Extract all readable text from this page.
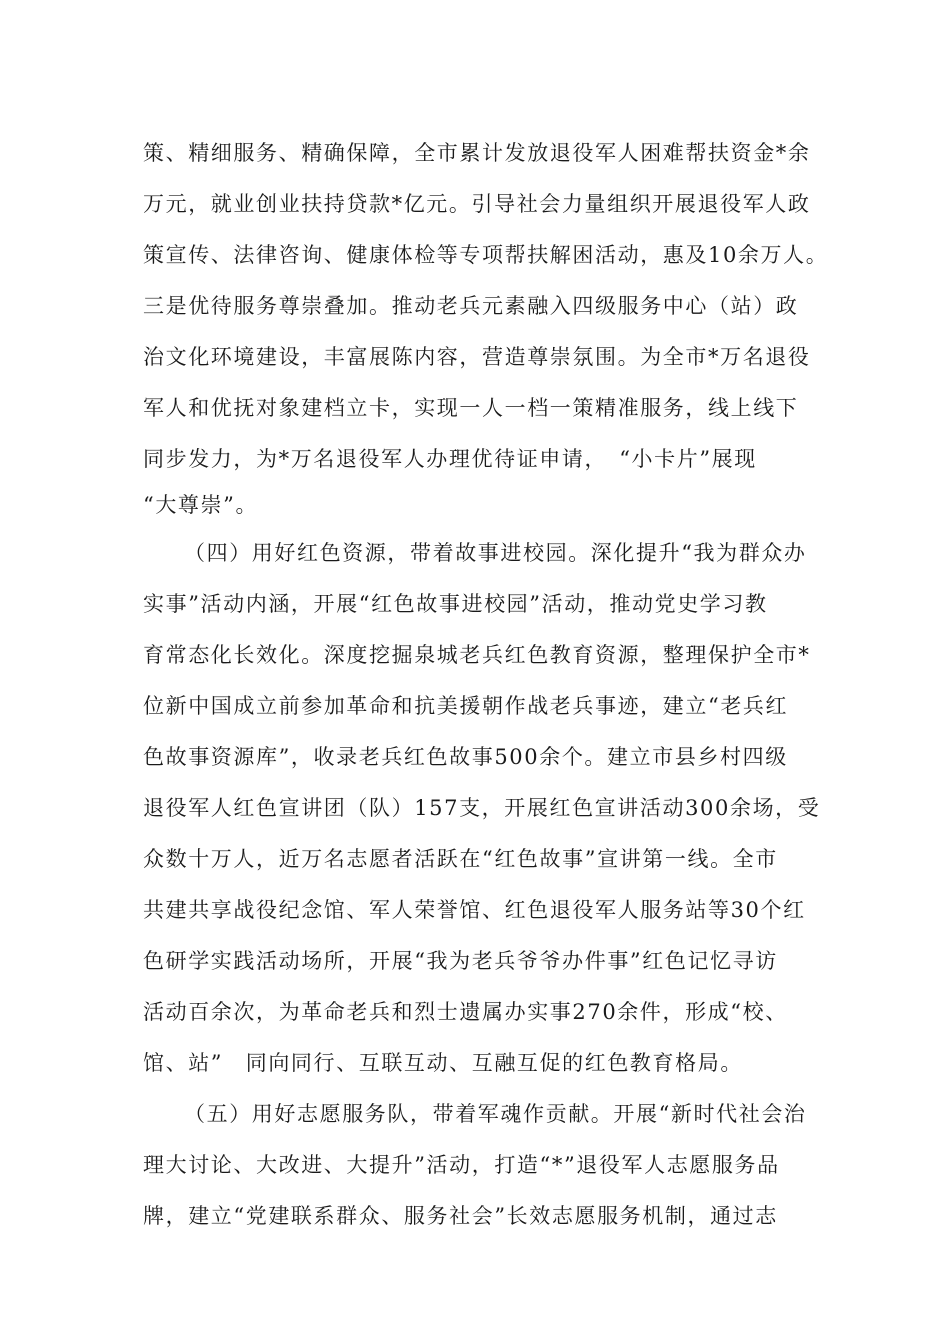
策、精细服务、精确保障，全市累计发放退役军人困难帮扶资金*余
万元，就业创业扶持贷款*亿元。引导社会力量组织开展退役军人政
策宣传、法律咨询、健康体检等专项帮扶解困活动，惠及10余万人。
三是优待服务尊崇叠加。推动老兵元素融入四级服务中心（站）政
治文化环境建设，丰富展陈内容，营造尊崇氛围。为全市*万名退役
军人和优抚对象建档立卡，实现一人一档一策精准服务，线上线下
同步发力，为*万名退役军人办理优待证申请，　“小卡片”展现
“大尊崇”。
（四）用好红色资源，带着故事进校园。深化提升“我为群众办
实事”活动内涵，开展“红色故事进校园”活动，推动党史学习教
育常态化长效化。深度挖掘泉城老兵红色教育资源，整理保护全市*
位新中国成立前参加革命和抗美援朝作战老兵事迹，建立“老兵红
色故事资源库”，收录老兵红色故事500余个。建立市县乡村四级
退役军人红色宣讲团（队）157支，开展红色宣讲活动300余场，受
众数十万人，近万名志愿者活跃在“红色故事”宣讲第一线。全市
共建共享战役纪念馆、军人荣誉馆、红色退役军人服务站等30个红
色研学实践活动场所，开展“我为老兵爷爷办件事”红色记忆寻访
活动百余次，为革命老兵和烈士遗属办实事270余件，形成“校、
馆、站”　同向同行、互联互动、互融互促的红色教育格局。
（五）用好志愿服务队，带着军魂作贡献。开展“新时代社会治
理大讨论、大改进、大提升”活动，打造“*”退役军人志愿服务品
牌，建立“党建联系群众、服务社会”长效志愿服务机制，通过志
